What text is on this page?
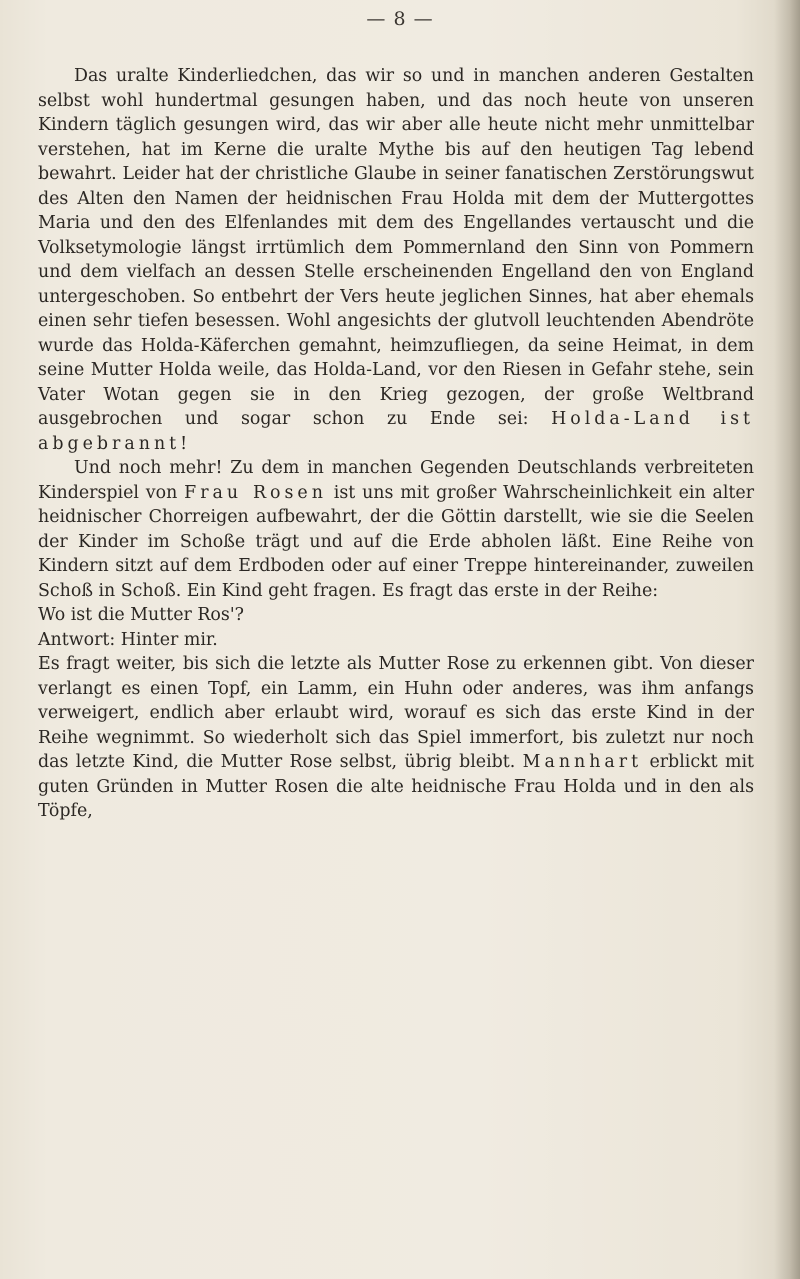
— 8 —

Das uralte Kinderliedchen, das wir so und in manchen anderen Gestalten selbst wohl hundertmal gesungen haben, und das noch heute von unseren Kindern täglich gesungen wird, das wir aber alle heute nicht mehr unmittelbar verstehen, hat im Kerne die uralte Mythe bis auf den heutigen Tag lebend bewahrt. Leider hat der christliche Glaube in seiner fanatischen Zerstörungswut des Alten den Namen der heidnischen Frau Holda mit dem der Muttergottes Maria und den des Elfenlandes mit dem des Engellandes vertauscht und die Volksetymologie längst irrtümlich dem Pommernland den Sinn von Pommern und dem vielfach an dessen Stelle erscheinenden Engelland den von England untergeschoben. So entbehrt der Vers heute jeglichen Sinnes, hat aber ehemals einen sehr tiefen besessen. Wohl angesichts der glutvoll leuchtenden Abendröte wurde das Holda-Käferchen gemahnt, heimzufliegen, da seine Heimat, in dem seine Mutter Holda weile, das Holda-Land, vor den Riesen in Gefahr stehe, sein Vater Wotan gegen sie in den Krieg gezogen, der große Weltbrand ausgebrochen und sogar schon zu Ende sei: Holda-Land ist abgebrannt!

Und noch mehr! Zu dem in manchen Gegenden Deutschlands verbreiteten Kinderspiel von Frau Rosen ist uns mit großer Wahrscheinlichkeit ein alter heidnischer Chorreigen aufbewahrt, der die Göttin darstellt, wie sie die Seelen der Kinder im Schoße trägt und auf die Erde abholen läßt. Eine Reihe von Kindern sitzt auf dem Erdboden oder auf einer Treppe hintereinander, zuweilen Schoß in Schoß. Ein Kind geht fragen. Es fragt das erste in der Reihe:

Wo ist die Mutter Ros'?

Antwort: Hinter mir.

Es fragt weiter, bis sich die letzte als Mutter Rose zu erkennen gibt. Von dieser verlangt es einen Topf, ein Lamm, ein Huhn oder anderes, was ihm anfangs verweigert, endlich aber erlaubt wird, worauf es sich das erste Kind in der Reihe wegnimmt. So wiederholt sich das Spiel immerfort, bis zuletzt nur noch das letzte Kind, die Mutter Rose selbst, übrig bleibt. Mannhart erblickt mit guten Gründen in Mutter Rosen die alte heidnische Frau Holda und in den als Töpfe,
